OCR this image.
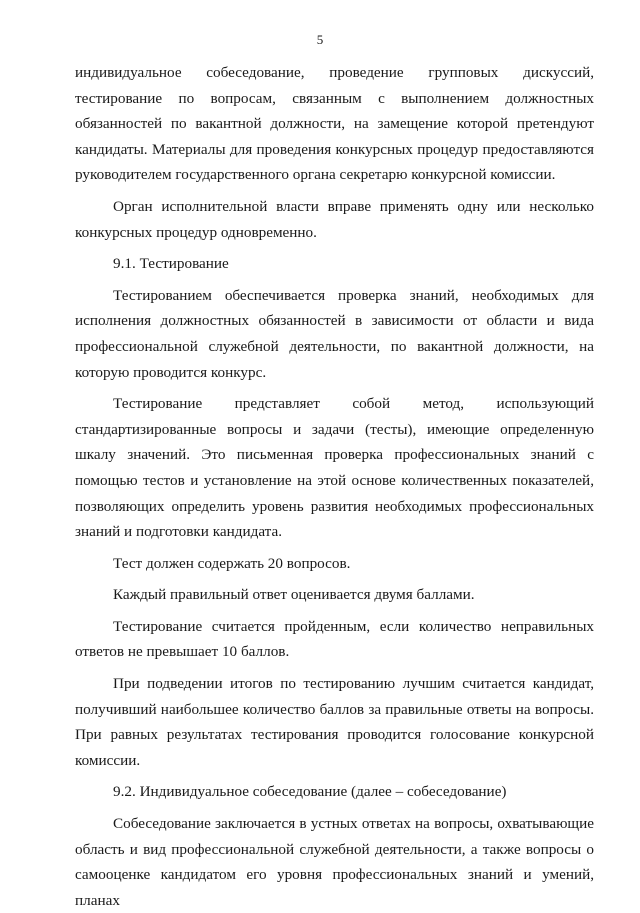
5

индивидуальное собеседование, проведение групповых дискуссий, тестирование по вопросам, связанным с выполнением должностных обязанностей по вакантной должности, на замещение которой претендуют кандидаты. Материалы для проведения конкурсных процедур предоставляются руководителем государственного органа секретарю конкурсной комиссии.

Орган исполнительной власти вправе применять одну или несколько конкурсных процедур одновременно.

9.1. Тестирование

Тестированием обеспечивается проверка знаний, необходимых для исполнения должностных обязанностей в зависимости от области и вида профессиональной служебной деятельности, по вакантной должности, на которую проводится конкурс.

Тестирование представляет собой метод, использующий стандартизированные вопросы и задачи (тесты), имеющие определенную шкалу значений. Это письменная проверка профессиональных знаний с помощью тестов и установление на этой основе количественных показателей, позволяющих определить уровень развития необходимых профессиональных знаний и подготовки кандидата.

Тест должен содержать 20 вопросов.

Каждый правильный ответ оценивается двумя баллами.

Тестирование считается пройденным, если количество неправильных ответов не превышает 10 баллов.

При подведении итогов по тестированию лучшим считается кандидат, получивший наибольшее количество баллов за правильные ответы на вопросы. При равных результатах тестирования проводится голосование конкурсной комиссии.

9.2. Индивидуальное собеседование (далее – собеседование)

Собеседование заключается в устных ответах на вопросы, охватывающие область и вид профессиональной служебной деятельности, а также вопросы о самооценке кандидатом его уровня профессиональных знаний и умений, планах
